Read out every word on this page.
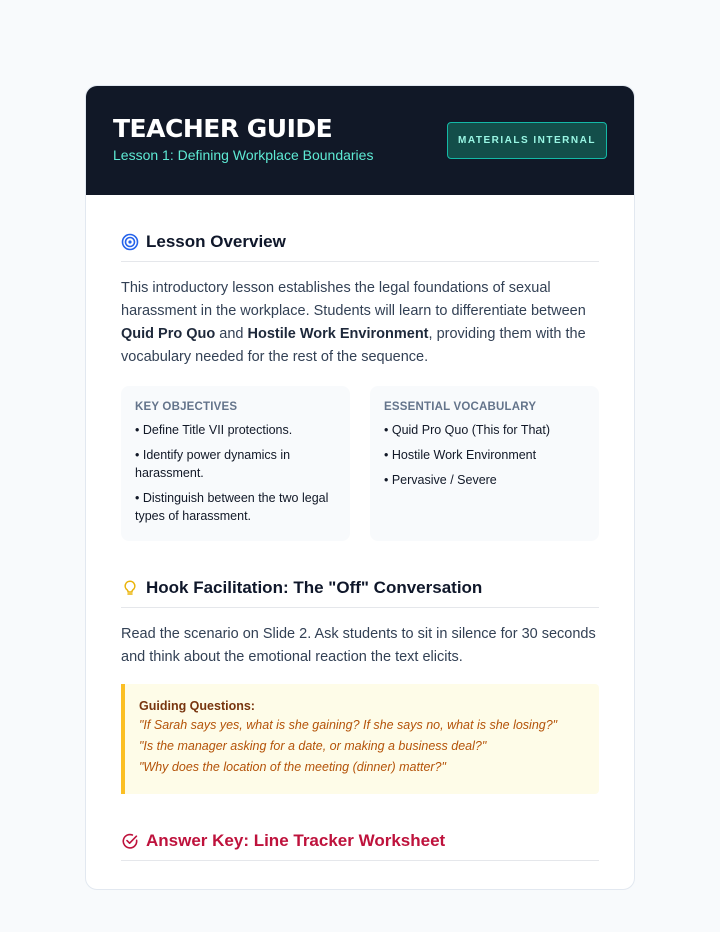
TEACHER GUIDE
Lesson 1: Defining Workplace Boundaries
MATERIALS INTERNAL
Lesson Overview

This introductory lesson establishes the legal foundations of sexual harassment in the workplace. Students will learn to differentiate between Quid Pro Quo and Hostile Work Environment, providing them with the vocabulary needed for the rest of the sequence.

KEY OBJECTIVES
• Define Title VII protections.
• Identify power dynamics in harassment.
• Distinguish between the two legal types of harassment.
ESSENTIAL VOCABULARY
• Quid Pro Quo (This for That)
• Hostile Work Environment
• Pervasive / Severe
Hook Facilitation: The "Off" Conversation

Read the scenario on Slide 2. Ask students to sit in silence for 30 seconds and think about the emotional reaction the text elicits.

Guiding Questions:
"If Sarah says yes, what is she gaining? If she says no, what is she losing?"
"Is the manager asking for a date, or making a business deal?"
"Why does the location of the meeting (dinner) matter?"
Answer Key: Line Tracker Worksheet
